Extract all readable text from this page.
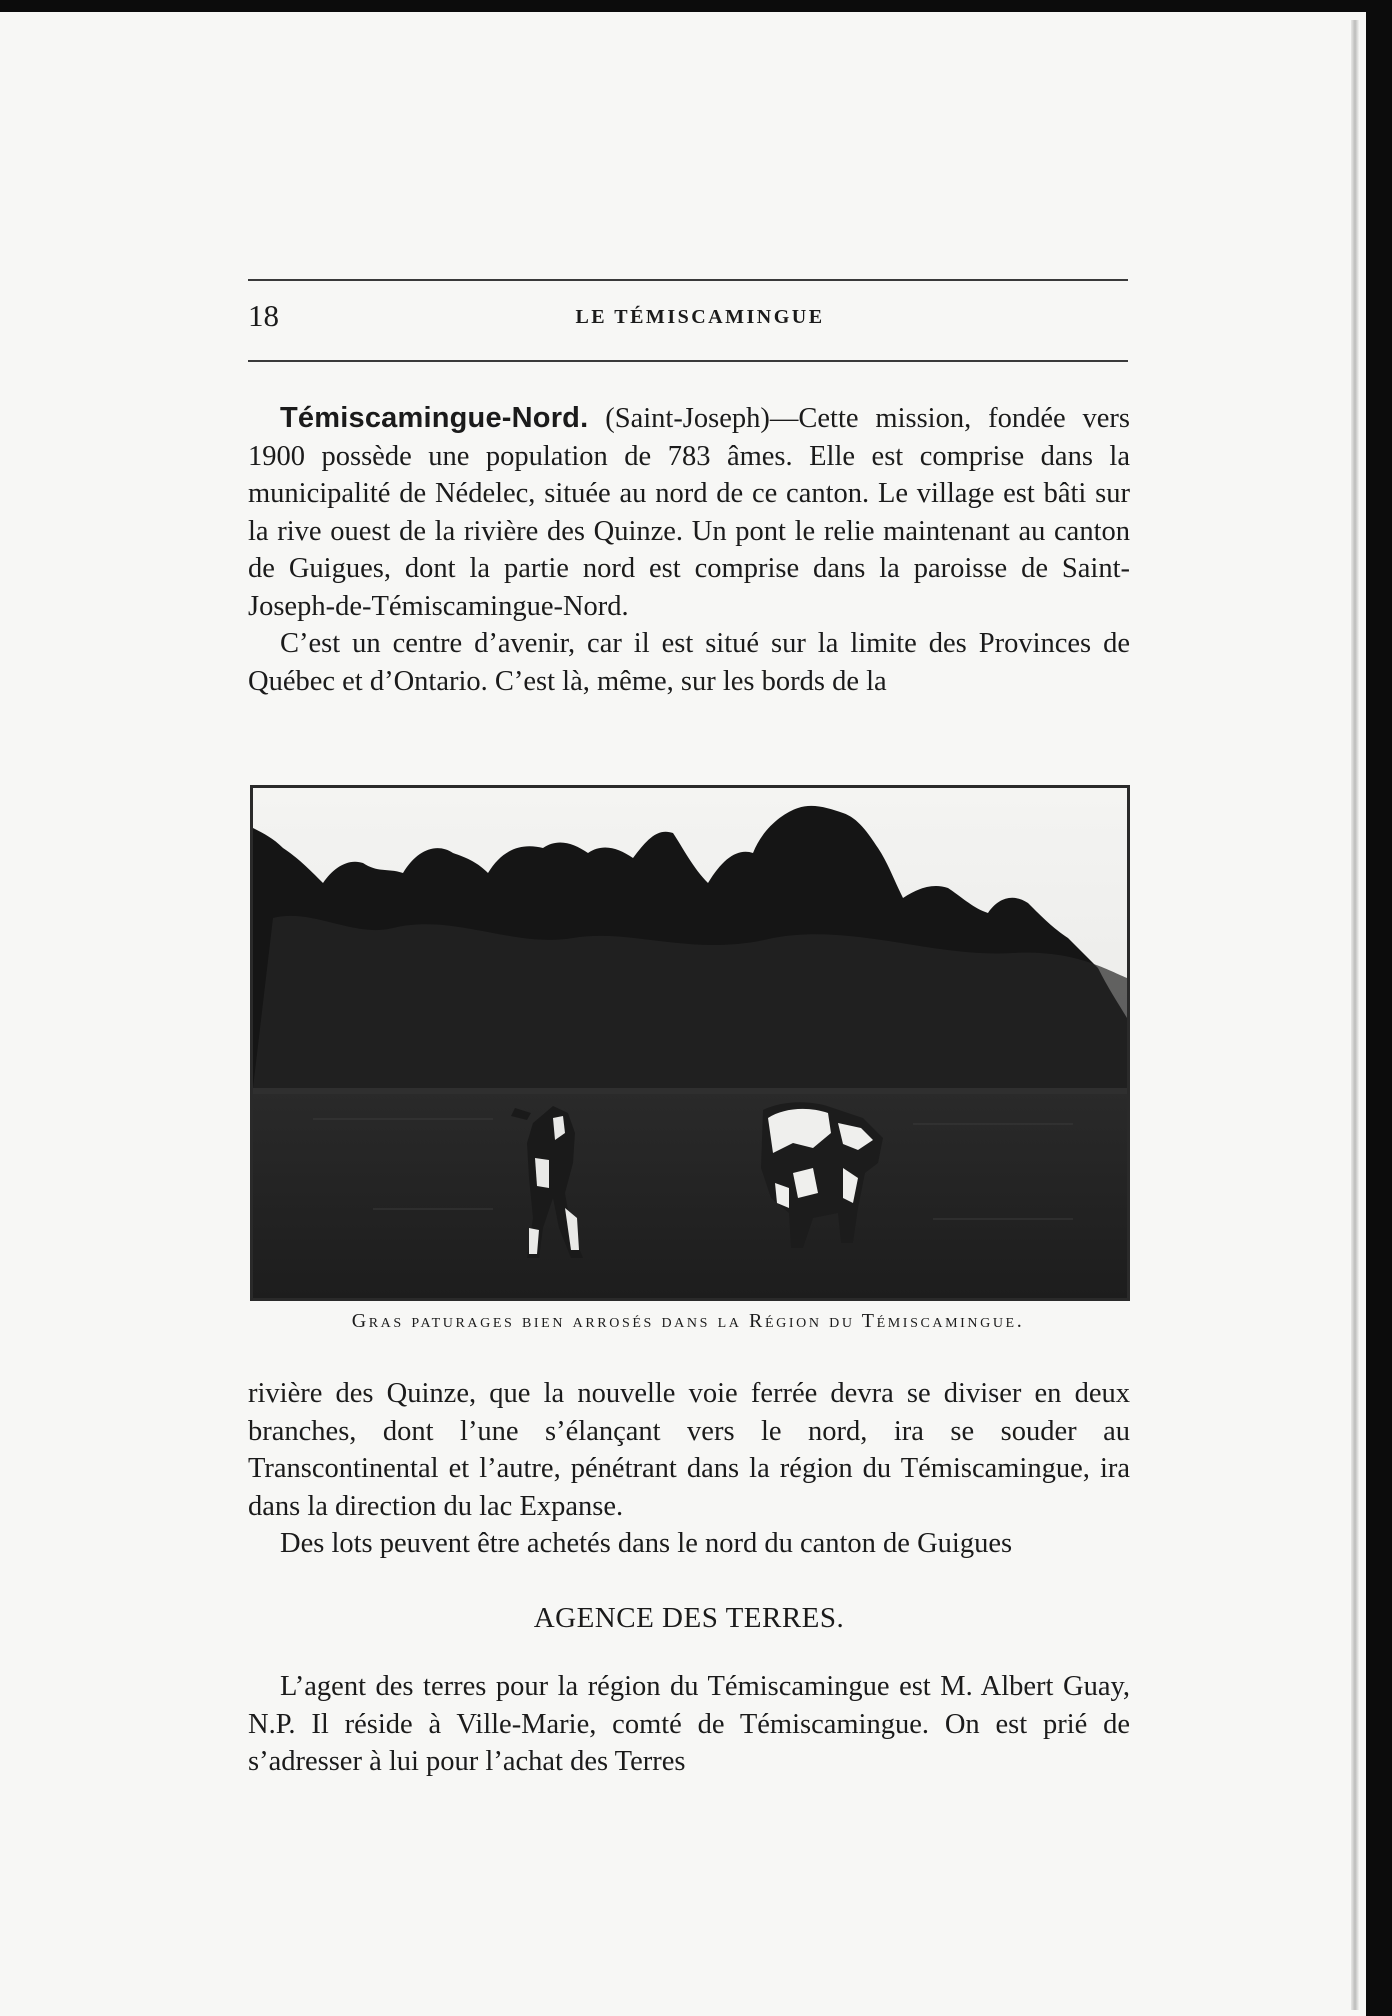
18	LE TÉMISCAMINGUE

Témiscamingue-Nord. (Saint-Joseph)—Cette mission, fondée vers 1900 possède une population de 783 âmes. Elle est comprise dans la municipalité de Nédelec, située au nord de ce canton. Le village est bâti sur la rive ouest de la rivière des Quinze. Un pont le relie maintenant au canton de Guigues, dont la partie nord est comprise dans la paroisse de Saint-Joseph-de-Témiscamingue-Nord.

C’est un centre d’avenir, car il est situé sur la limite des Provinces de Québec et d’Ontario. C’est là, même, sur les bords de la

Gras paturages bien arrosés dans la Région du Témiscamingue.

rivière des Quinze, que la nouvelle voie ferrée devra se diviser en deux branches, dont l’une s’élançant vers le nord, ira se souder au Transcontinental et l’autre, pénétrant dans la région du Témiscamingue, ira dans la direction du lac Expanse.

Des lots peuvent être achetés dans le nord du canton de Guigues

AGENCE DES TERRES.

L’agent des terres pour la région du Témiscamingue est M. Albert Guay, N.P. Il réside à Ville-Marie, comté de Témiscamingue. On est prié de s’adresser à lui pour l’achat des Terres
